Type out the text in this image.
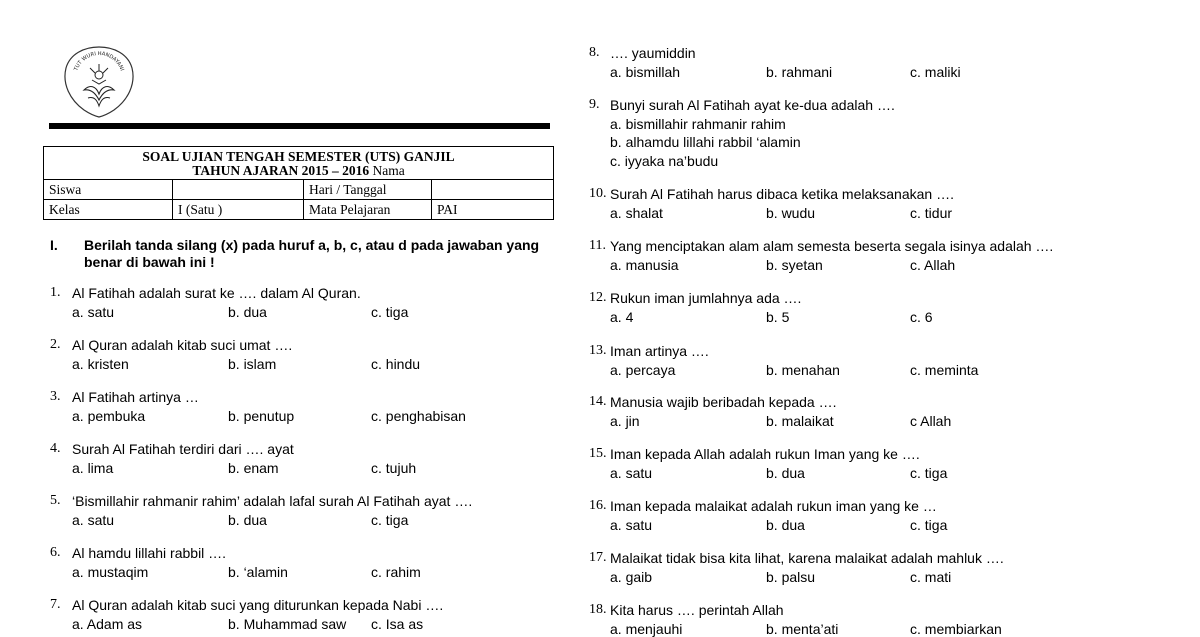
TUT WURI HANDAYANI
SOAL UJIAN TENGAH SEMESTER (UTS) GANJIL
TAHUN AJARAN 2015 – 2016 Nama			

Siswa		Hari / Tanggal	
Kelas	I (Satu )	Mata Pelajaran	PAI
I. Berilah tanda silang (x) pada huruf a, b, c, atau d pada jawaban yang benar di bawah ini !
1. Al Fatihah adalah surat ke …. dalam Al Quran.
a. satu	b. dua	c. tiga
2. Al Quran adalah kitab suci umat ….
a. kristen	b. islam	c. hindu
3. Al Fatihah artinya …
a. pembuka	b. penutup	c. penghabisan
4. Surah Al Fatihah terdiri dari …. ayat
a. lima	b. enam	c. tujuh
5. ‘Bismillahir rahmanir rahim’ adalah lafal surah Al Fatihah ayat ….
a. satu	b. dua	c. tiga
6. Al hamdu lillahi rabbil ….
a. mustaqim	b. ‘alamin	c. rahim
7. Al Quran adalah kitab suci yang diturunkan kepada Nabi ….
a. Adam as	b. Muhammad saw c. Isa as
8. …. yaumiddin
a. bismillah	b. rahmani	c. maliki
9. Bunyi surah Al Fatihah ayat ke-dua adalah ….
a. bismillahir rahmanir rahim
b. alhamdu lillahi rabbil ‘alamin
c. iyyaka na’budu
10. Surah Al Fatihah harus dibaca ketika melaksanakan ….
a. shalat	b. wudu	c. tidur
11. Yang menciptakan alam alam semesta beserta segala isinya adalah ….
a. manusia	b. syetan	c. Allah
12. Rukun iman jumlahnya ada ….
a. 4	b. 5	c. 6
13. Iman artinya ….
a. percaya	b. menahan	c. meminta
14. Manusia wajib beribadah kepada ….
a. jin	b. malaikat	c Allah
15. Iman kepada Allah adalah rukun Iman yang ke ….
a. satu	b. dua	c. tiga
16. Iman kepada malaikat adalah rukun iman yang ke …
a. satu	b. dua	c. tiga
17. Malaikat tidak bisa kita lihat, karena malaikat adalah mahluk ….
a. gaib	b. palsu	c. mati
18. Kita harus …. perintah Allah
a. menjauhi	b. menta’ati	c. membiarkan
